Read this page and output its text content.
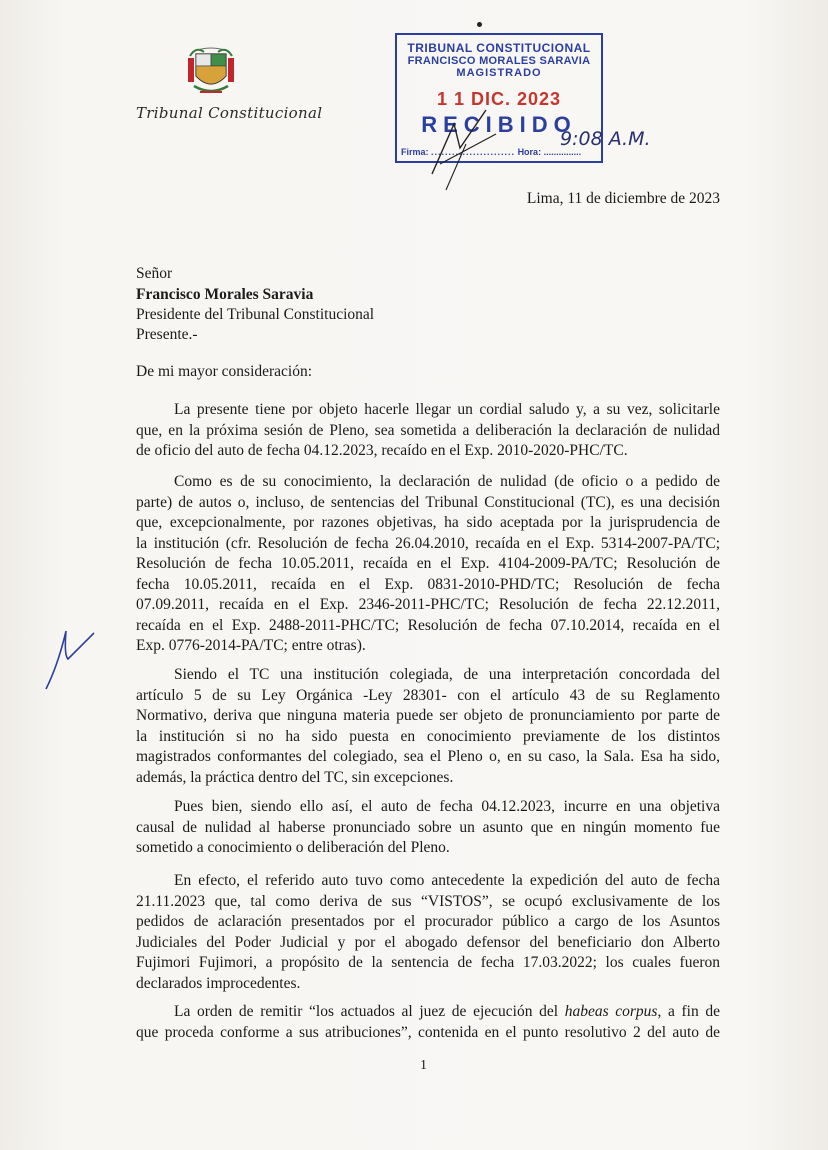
Tribunal Constitucional
TRIBUNAL CONSTITUCIONAL
FRANCISCO MORALES SARAVIA
MAGISTRADO
1 1 DIC. 2023
RECIBIDO
Firma: ........................ Hora: ...............
9:08 A.M.
Lima, 11 de diciembre de 2023
Señor
Francisco Morales Saravia
Presidente del Tribunal Constitucional
Presente.-
De mi mayor consideración:
La presente tiene por objeto hacerle llegar un cordial saludo y, a su vez, solicitarle
que, en la próxima sesión de Pleno, sea sometida a deliberación la declaración de nulidad
de oficio del auto de fecha 04.12.2023, recaído en el Exp. 2010-2020-PHC/TC.
Como es de su conocimiento, la declaración de nulidad (de oficio o a pedido de
parte) de autos o, incluso, de sentencias del Tribunal Constitucional (TC), es una decisión
que, excepcionalmente, por razones objetivas, ha sido aceptada por la jurisprudencia de
la institución (cfr. Resolución de fecha 26.04.2010, recaída en el Exp. 5314-2007-PA/TC;
Resolución de fecha 10.05.2011, recaída en el Exp. 4104-2009-PA/TC; Resolución de
fecha 10.05.2011, recaída en el Exp. 0831-2010-PHD/TC; Resolución de fecha
07.09.2011, recaída en el Exp. 2346-2011-PHC/TC; Resolución de fecha 22.12.2011,
recaída en el Exp. 2488-2011-PHC/TC; Resolución de fecha 07.10.2014, recaída en el
Exp. 0776-2014-PA/TC; entre otras).
Siendo el TC una institución colegiada, de una interpretación concordada del
artículo 5 de su Ley Orgánica -Ley 28301- con el artículo 43 de su Reglamento
Normativo, deriva que ninguna materia puede ser objeto de pronunciamiento por parte de
la institución si no ha sido puesta en conocimiento previamente de los distintos
magistrados conformantes del colegiado, sea el Pleno o, en su caso, la Sala. Esa ha sido,
además, la práctica dentro del TC, sin excepciones.
Pues bien, siendo ello así, el auto de fecha 04.12.2023, incurre en una objetiva
causal de nulidad al haberse pronunciado sobre un asunto que en ningún momento fue
sometido a conocimiento o deliberación del Pleno.
En efecto, el referido auto tuvo como antecedente la expedición del auto de fecha
21.11.2023 que, tal como deriva de sus “VISTOS”, se ocupó exclusivamente de los
pedidos de aclaración presentados por el procurador público a cargo de los Asuntos
Judiciales del Poder Judicial y por el abogado defensor del beneficiario don Alberto
Fujimori Fujimori, a propósito de la sentencia de fecha 17.03.2022; los cuales fueron
declarados improcedentes.
La orden de remitir “los actuados al juez de ejecución del habeas corpus, a fin de
que proceda conforme a sus atribuciones”, contenida en el punto resolutivo 2 del auto de
1
